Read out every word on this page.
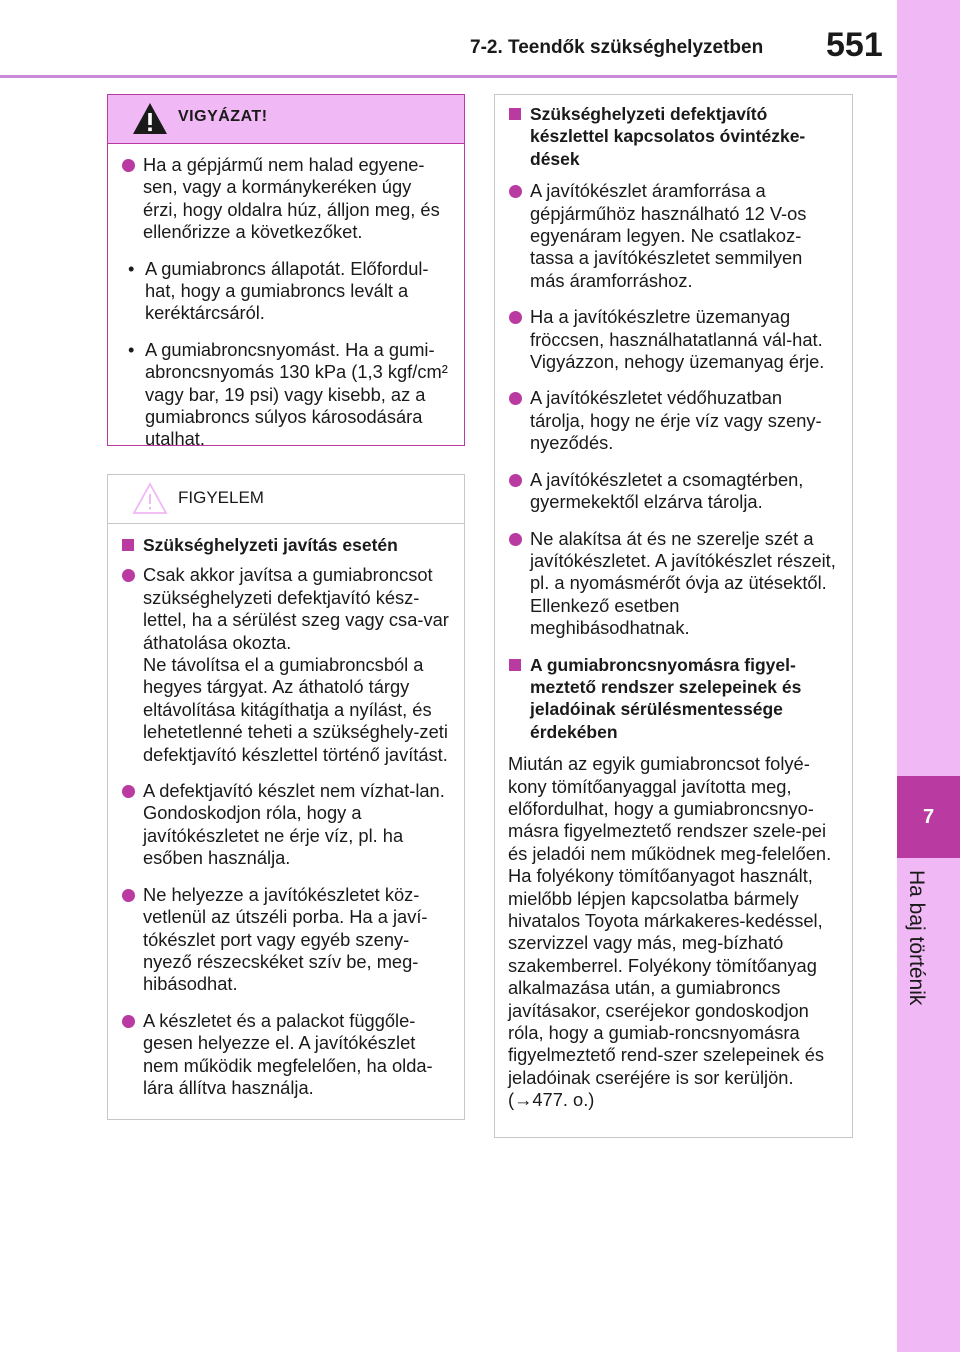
7-2. Teendők szükséghelyzetben 551
7
Ha baj történik
VIGYÁZAT!
Ha a gépjármű nem halad egyene-sen, vagy a kormánykeréken úgy érzi, hogy oldalra húz, álljon meg, és ellenőrizze a következőket.
• A gumiabroncs állapotát. Előfordul-hat, hogy a gumiabroncs levált a keréktárcsáról.
• A gumiabroncsnyomást. Ha a gumi-abroncsnyomás 130 kPa (1,3 kgf/cm² vagy bar, 19 psi) vagy kisebb, az a gumiabroncs súlyos károsodására utalhat.
FIGYELEM
Szükséghelyzeti javítás esetén
Csak akkor javítsa a gumiabroncsot szükséghelyzeti defektjavító kész-lettel, ha a sérülést szeg vagy csa-var áthatolása okozta.
Ne távolítsa el a gumiabroncsból a hegyes tárgyat. Az áthatoló tárgy eltávolítása kitágíthatja a nyílást, és lehetetlenné teheti a szükséghely-zeti defektjavító készlettel történő javítást.
A defektjavító készlet nem vízhat-lan. Gondoskodjon róla, hogy a javítókészletet ne érje víz, pl. ha esőben használja.
Ne helyezze a javítókészletet köz-vetlenül az útszéli porba. Ha a javí-tókészlet port vagy egyéb szeny-nyező részecskéket szív be, meg-hibásodhat.
A készletet és a palackot függőle-gesen helyezze el. A javítókészlet nem működik megfelelően, ha olda-lára állítva használja.
Szükséghelyzeti defektjavító készlettel kapcsolatos óvintézke-dések
A javítókészlet áramforrása a gépjárműhöz használható 12 V-os egyenáram legyen. Ne csatlakoz-tassa a javítókészletet semmilyen más áramforráshoz.
Ha a javítókészletre üzemanyag fröccsen, használhatatlanná vál-hat. Vigyázzon, nehogy üzemanyag érje.
A javítókészletet védőhuzatban tárolja, hogy ne érje víz vagy szeny-nyeződés.
A javítókészletet a csomagtérben, gyermekektől elzárva tárolja.
Ne alakítsa át és ne szerelje szét a javítókészletet. A javítókészlet részeit, pl. a nyomásmérőt óvja az ütésektől. Ellenkező esetben meghibásodhatnak.
A gumiabroncsnyomásra figyel-meztető rendszer szelepeinek és jeladóinak sérülésmentessége érdekében
Miután az egyik gumiabroncsot folyé-kony tömítőanyaggal javította meg, előfordulhat, hogy a gumiabroncsnyo-másra figyelmeztető rendszer szele-pei és jeladói nem működnek meg-felelően. Ha folyékony tömítőanyagot használt, mielőbb lépjen kapcsolatba bármely hivatalos Toyota márkakeres-kedéssel, szervizzel vagy más, meg-bízható szakemberrel. Folyékony tömítőanyag alkalmazása után, a gumiabroncs javításakor, cseréjekor gondoskodjon róla, hogy a gumiab-roncsnyomásra figyelmeztető rend-szer szelepeinek és jeladóinak cseréjére is sor kerüljön. (→477. o.)
